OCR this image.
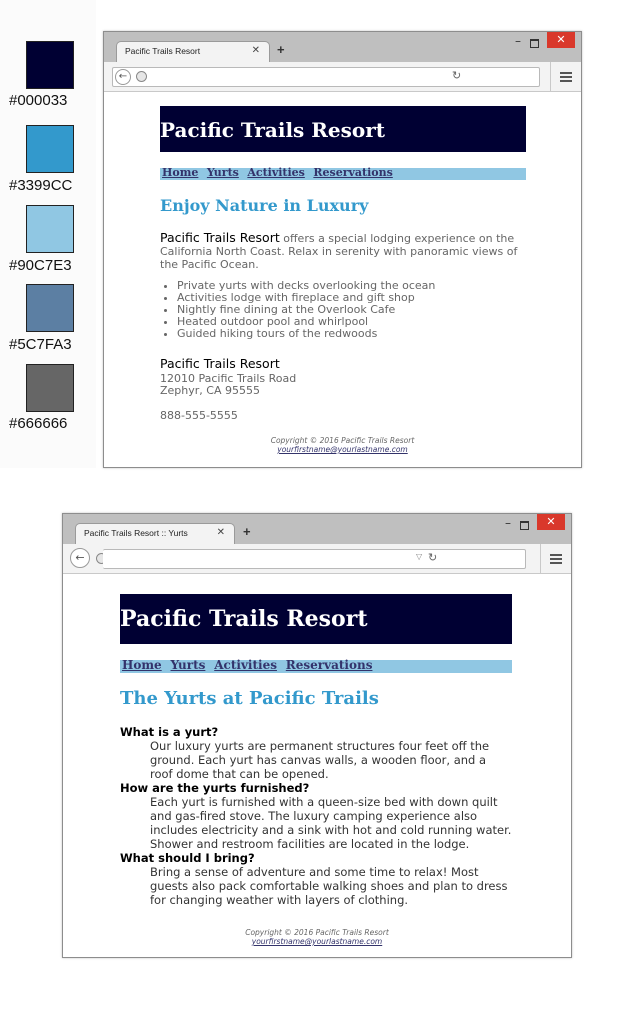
#000033
#3399CC
#90C7E3
#5C7FA3
#666666
Pacific Trails Resort	✕ +
–	✕
←	↻
Pacific Trails Resort
Home Yurts Activities Reservations
Enjoy Nature in Luxury
Pacific Trails Resort offers a special lodging experience on the California North Coast. Relax in serenity with panoramic views of the Pacific Ocean.
• Private yurts with decks overlooking the ocean
• Activities lodge with fireplace and gift shop
• Nightly fine dining at the Overlook Cafe
• Heated outdoor pool and whirlpool
• Guided hiking tours of the redwoods
Pacific Trails Resort
12010 Pacific Trails Road
Zephyr, CA 95555
888-555-5555
Copyright © 2016 Pacific Trails Resort
yourfirstname@yourlastname.com
Pacific Trails Resort :: Yurts	✕ +
–	✕
←	▽ ↻
Pacific Trails Resort
Home Yurts Activities Reservations
The Yurts at Pacific Trails
What is a yurt?
Our luxury yurts are permanent structures four feet off the ground. Each yurt has canvas walls, a wooden floor, and a roof dome that can be opened.
How are the yurts furnished?
Each yurt is furnished with a queen-size bed with down quilt and gas-fired stove. The luxury camping experience also includes electricity and a sink with hot and cold running water. Shower and restroom facilities are located in the lodge.
What should I bring?
Bring a sense of adventure and some time to relax! Most guests also pack comfortable walking shoes and plan to dress for changing weather with layers of clothing.
Copyright © 2016 Pacific Trails Resort
yourfirstname@yourlastname.com
